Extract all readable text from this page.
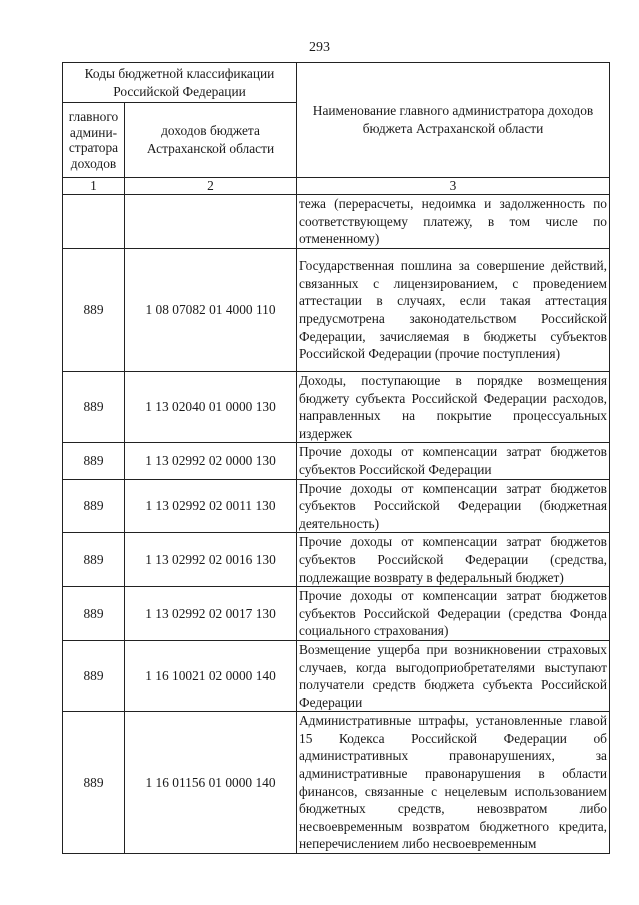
293
Коды бюджетной классификации Российской Федерации		Наименование главного администратора доходов бюджета Астраханской области
главного админи-стратора доходов	доходов бюджета Астраханской области	
1	2	3
		тежа (перерасчеты, недоимка и задолженность по соответствующему платежу, в том числе по отмененному)
889	1 08 07082 01 4000 110	Государственная пошлина за совершение действий, связанных с лицензированием, с проведением аттестации в случаях, если такая аттестация предусмотрена законодательством Российской Федерации, зачисляемая в бюджеты субъектов Российской Федерации (прочие поступления)
889	1 13 02040 01 0000 130	Доходы, поступающие в порядке возмещения бюджету субъекта Российской Федерации расходов, направленных на покрытие процессуальных издержек
889	1 13 02992 02 0000 130	Прочие доходы от компенсации затрат бюджетов субъектов Российской Федерации
889	1 13 02992 02 0011 130	Прочие доходы от компенсации затрат бюджетов субъектов Российской Федерации (бюджетная деятельность)
889	1 13 02992 02 0016 130	Прочие доходы от компенсации затрат бюджетов субъектов Российской Федерации (средства, подлежащие возврату в федеральный бюджет)
889	1 13 02992 02 0017 130	Прочие доходы от компенсации затрат бюджетов субъектов Российской Федерации (средства Фонда социального страхования)
889	1 16 10021 02 0000 140	Возмещение ущерба при возникновении страховых случаев, когда выгодоприобретателями выступают получатели средств бюджета субъекта Российской Федерации
889	1 16 01156 01 0000 140	Административные штрафы, установленные главой 15 Кодекса Российской Федерации об административных правонарушениях, за административные правонарушения в области финансов, связанные с нецелевым использованием бюджетных средств, невозвратом либо несвоевременным возвратом бюджетного кредита, неперечислением либо несвоевременным
